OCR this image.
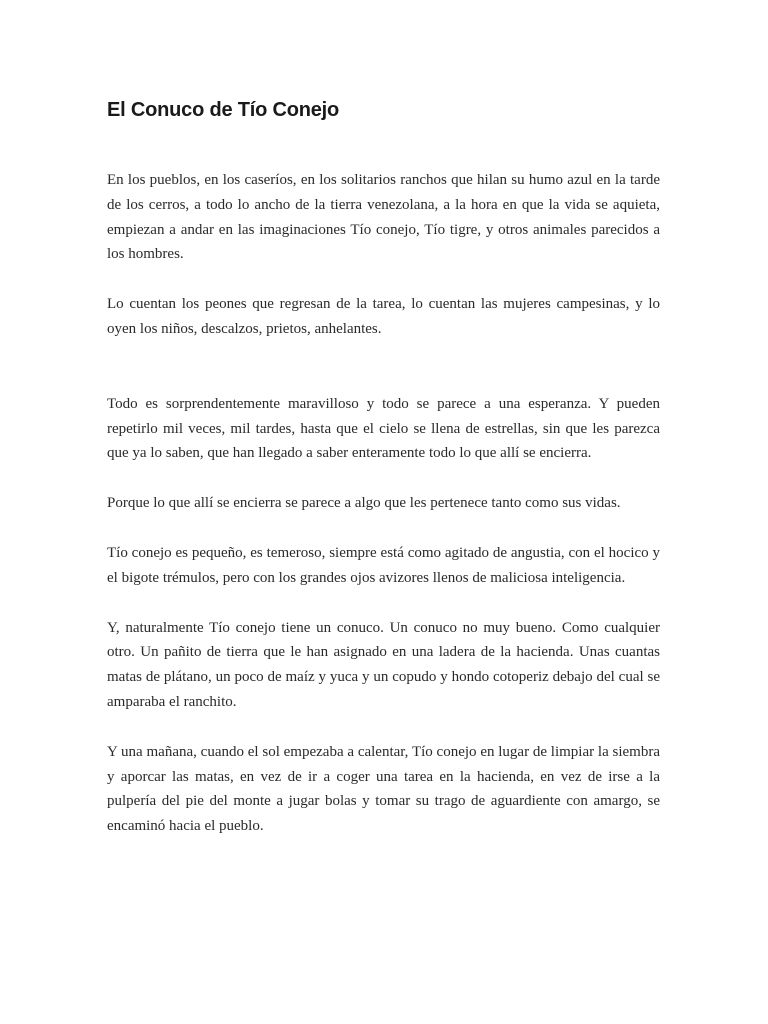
El Conuco de Tío Conejo

En los pueblos, en los caseríos, en los solitarios ranchos que hilan su humo azul en la tarde de los cerros, a todo lo ancho de la tierra venezolana, a la hora en que la vida se aquieta, empiezan a andar en las imaginaciones Tío conejo, Tío tigre, y otros animales parecidos a los hombres.

Lo cuentan los peones que regresan de la tarea, lo cuentan las mujeres campesinas, y lo oyen los niños, descalzos, prietos, anhelantes.

Todo es sorprendentemente maravilloso y todo se parece a una esperanza. Y pueden repetirlo mil veces, mil tardes, hasta que el cielo se llena de estrellas, sin que les parezca que ya lo saben, que han llegado a saber enteramente todo lo que allí se encierra.

Porque lo que allí se encierra se parece a algo que les pertenece tanto como sus vidas.

Tío conejo es pequeño, es temeroso, siempre está como agitado de angustia, con el hocico y el bigote trémulos, pero con los grandes ojos avizores llenos de maliciosa inteligencia.

Y, naturalmente Tío conejo tiene un conuco. Un conuco no muy bueno. Como cualquier otro. Un pañito de tierra que le han asignado en una ladera de la hacienda. Unas cuantas matas de plátano, un poco de maíz y yuca y un copudo y hondo cotoperiz debajo del cual se amparaba el ranchito.

Y una mañana, cuando el sol empezaba a calentar, Tío conejo en lugar de limpiar la siembra y aporcar las matas, en vez de ir a coger una tarea en la hacienda, en vez de irse a la pulpería del pie del monte a jugar bolas y tomar su trago de aguardiente con amargo, se encaminó hacia el pueblo.
